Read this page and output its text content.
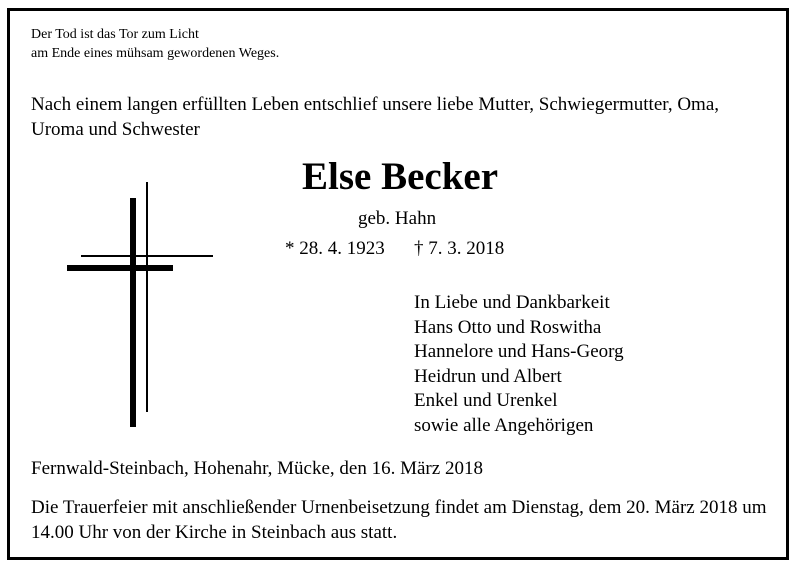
Der Tod ist das Tor zum Licht
am Ende eines mühsam gewordenen Weges.
Nach einem langen erfüllten Leben entschlief unsere liebe Mutter, Schwiegermutter, Oma, Uroma und Schwester
Else Becker
geb. Hahn
* 28. 4. 1923 † 7. 3. 2018
In Liebe und Dankbarkeit
Hans Otto und Roswitha
Hannelore und Hans-Georg
Heidrun und Albert
Enkel und Urenkel
sowie alle Angehörigen
Fernwald-Steinbach, Hohenahr, Mücke, den 16. März 2018
Die Trauerfeier mit anschließender Urnenbeisetzung findet am Dienstag, dem 20. März 2018 um 14.00 Uhr von der Kirche in Steinbach aus statt.
